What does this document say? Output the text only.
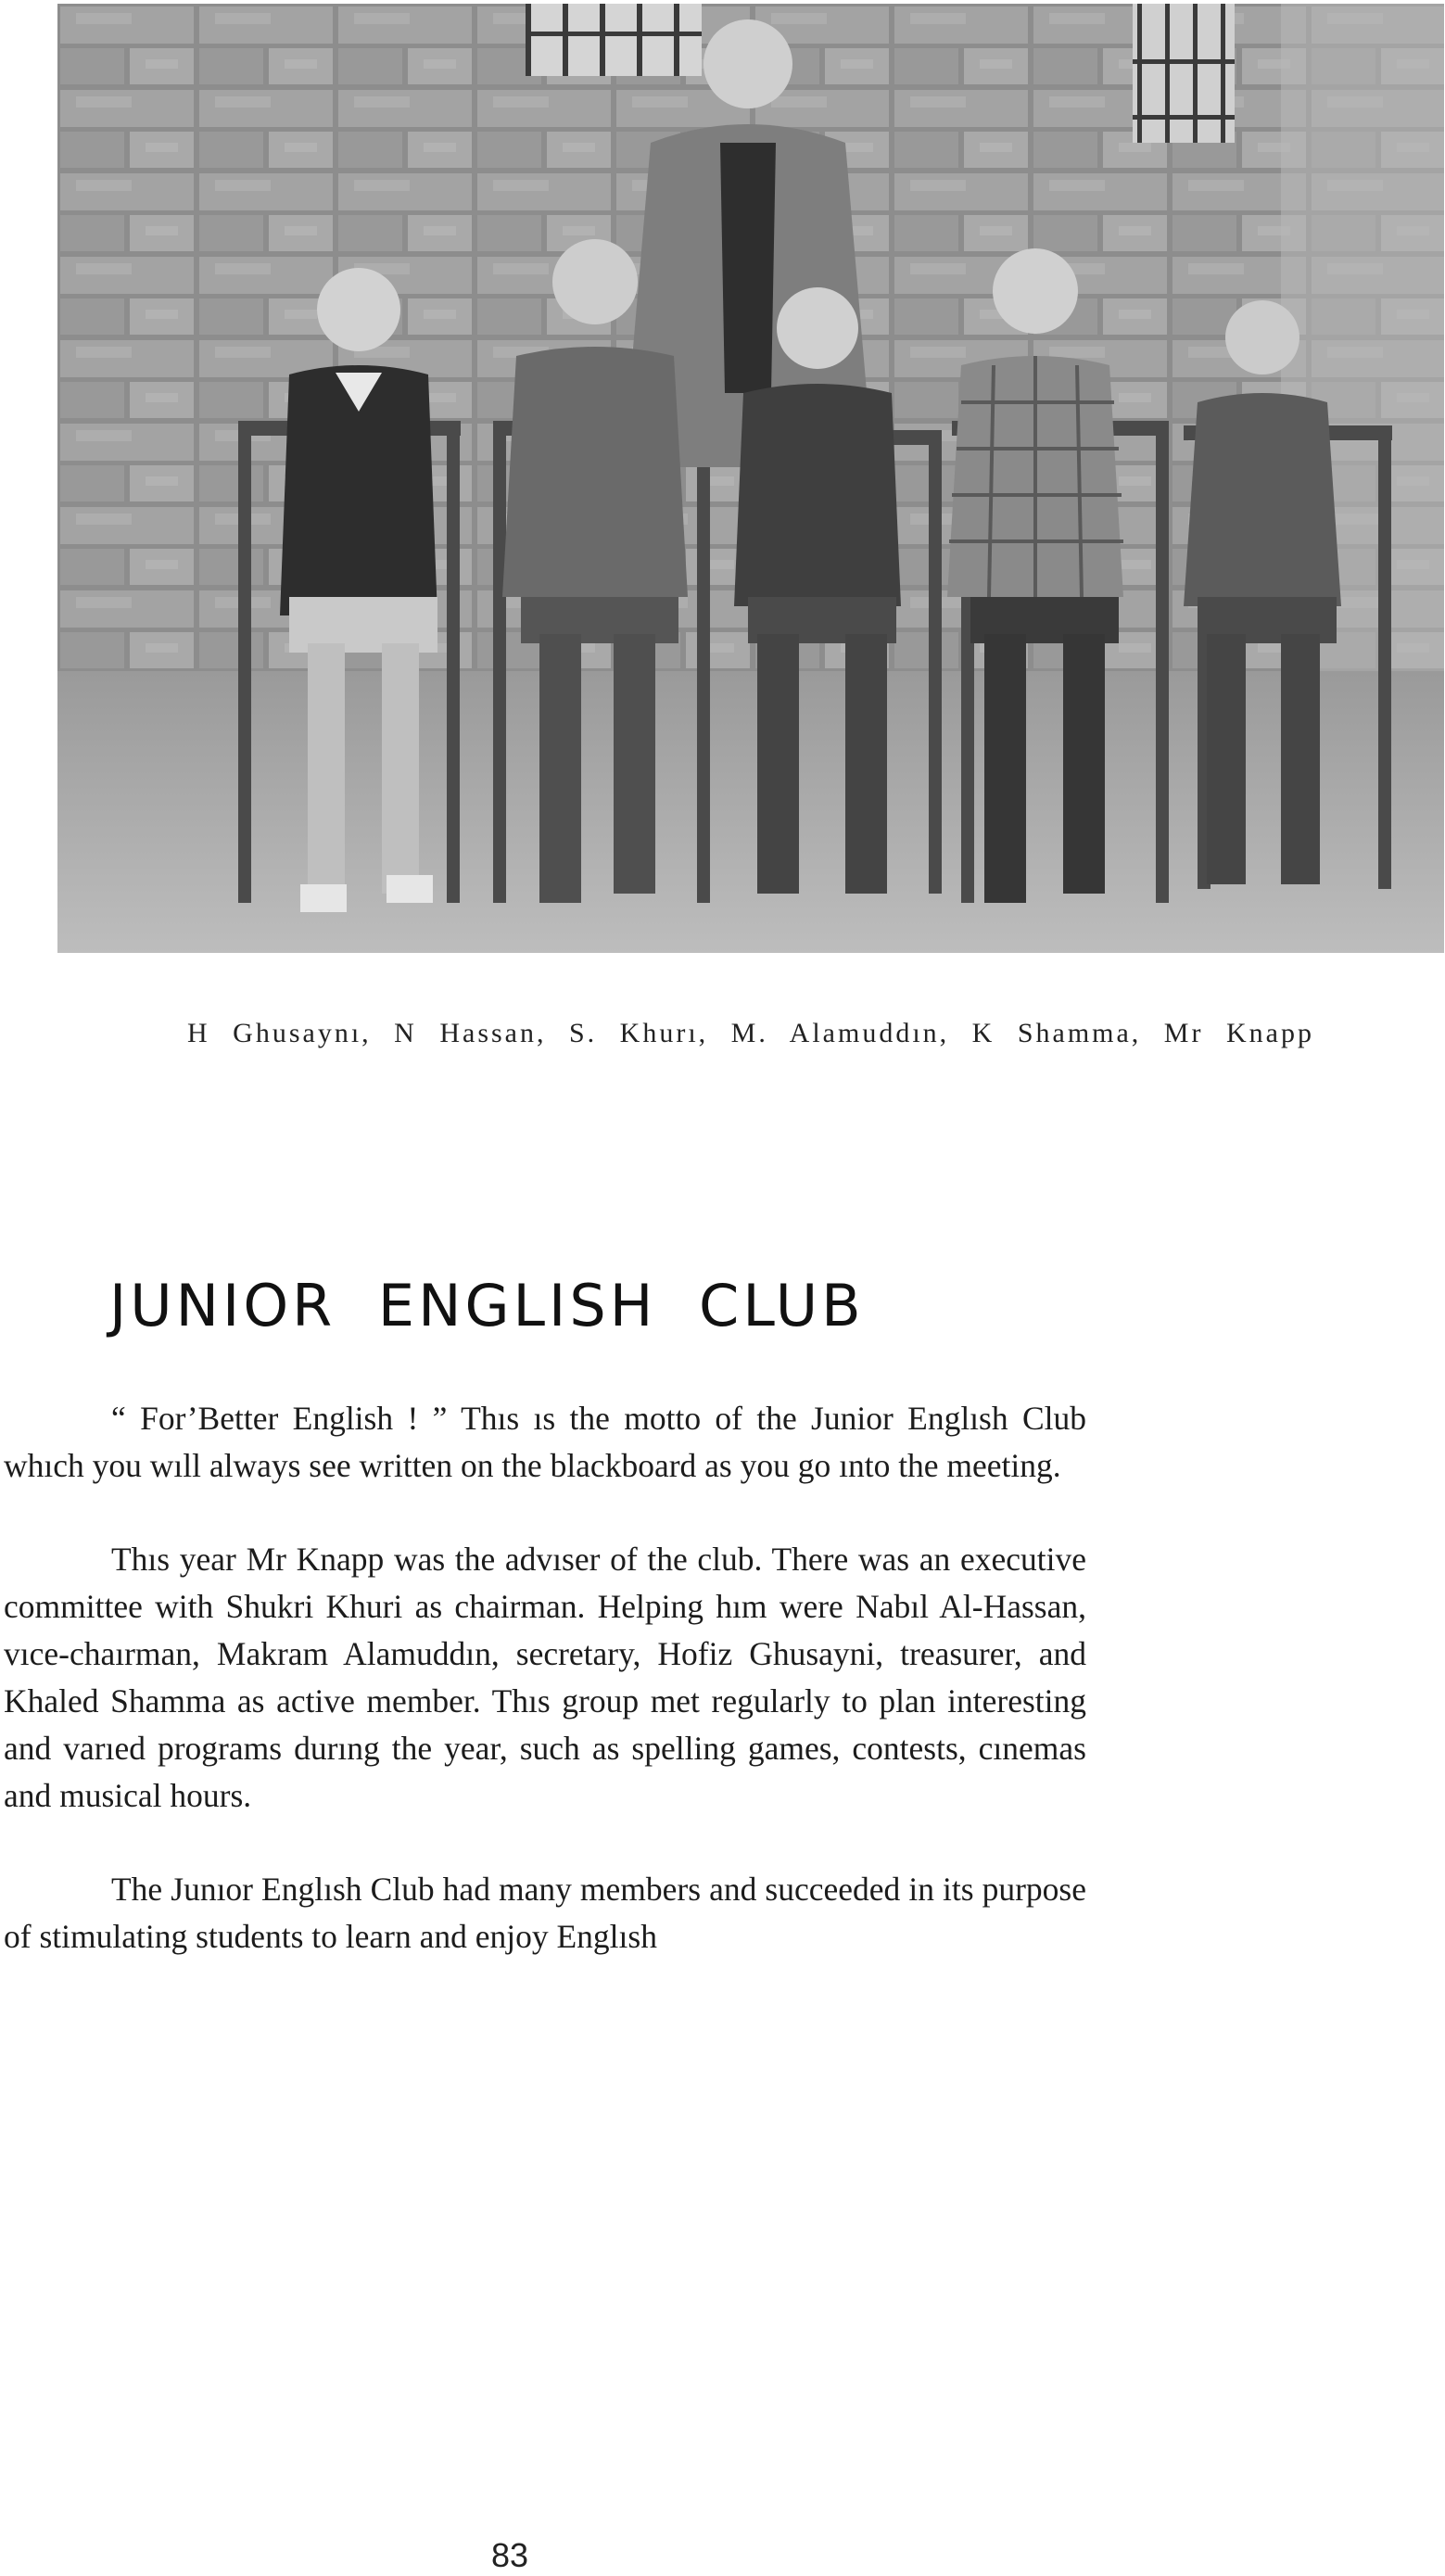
H Ghusaynı, N Hassan, S. Khurı, M. Alamuddın, K Shamma, Mr Knapp
JUNIOR ENGLISH CLUB

“ For’Better English ! ” Thıs ıs the motto of the Junior Englısh Club whıch you wıll always see written on the blackboard as you go ınto the meeting.

Thıs year Mr Knapp was the advıser of the club. There was an executive committee with Shukri Khuri as chairman. Helping hım were Nabıl Al-Hassan, vıce-chaırman, Makram Alamuddın, secretary, Hofiz Ghusayni, treasurer, and Khaled Shamma as active member. Thıs group met regularly to plan interesting and varıed programs durıng the year, such as spelling games, contests, cınemas and musical hours.

The Junıor Englısh Club had many members and succeeded in its purpose of stimulating students to learn and enjoy Englısh

83
